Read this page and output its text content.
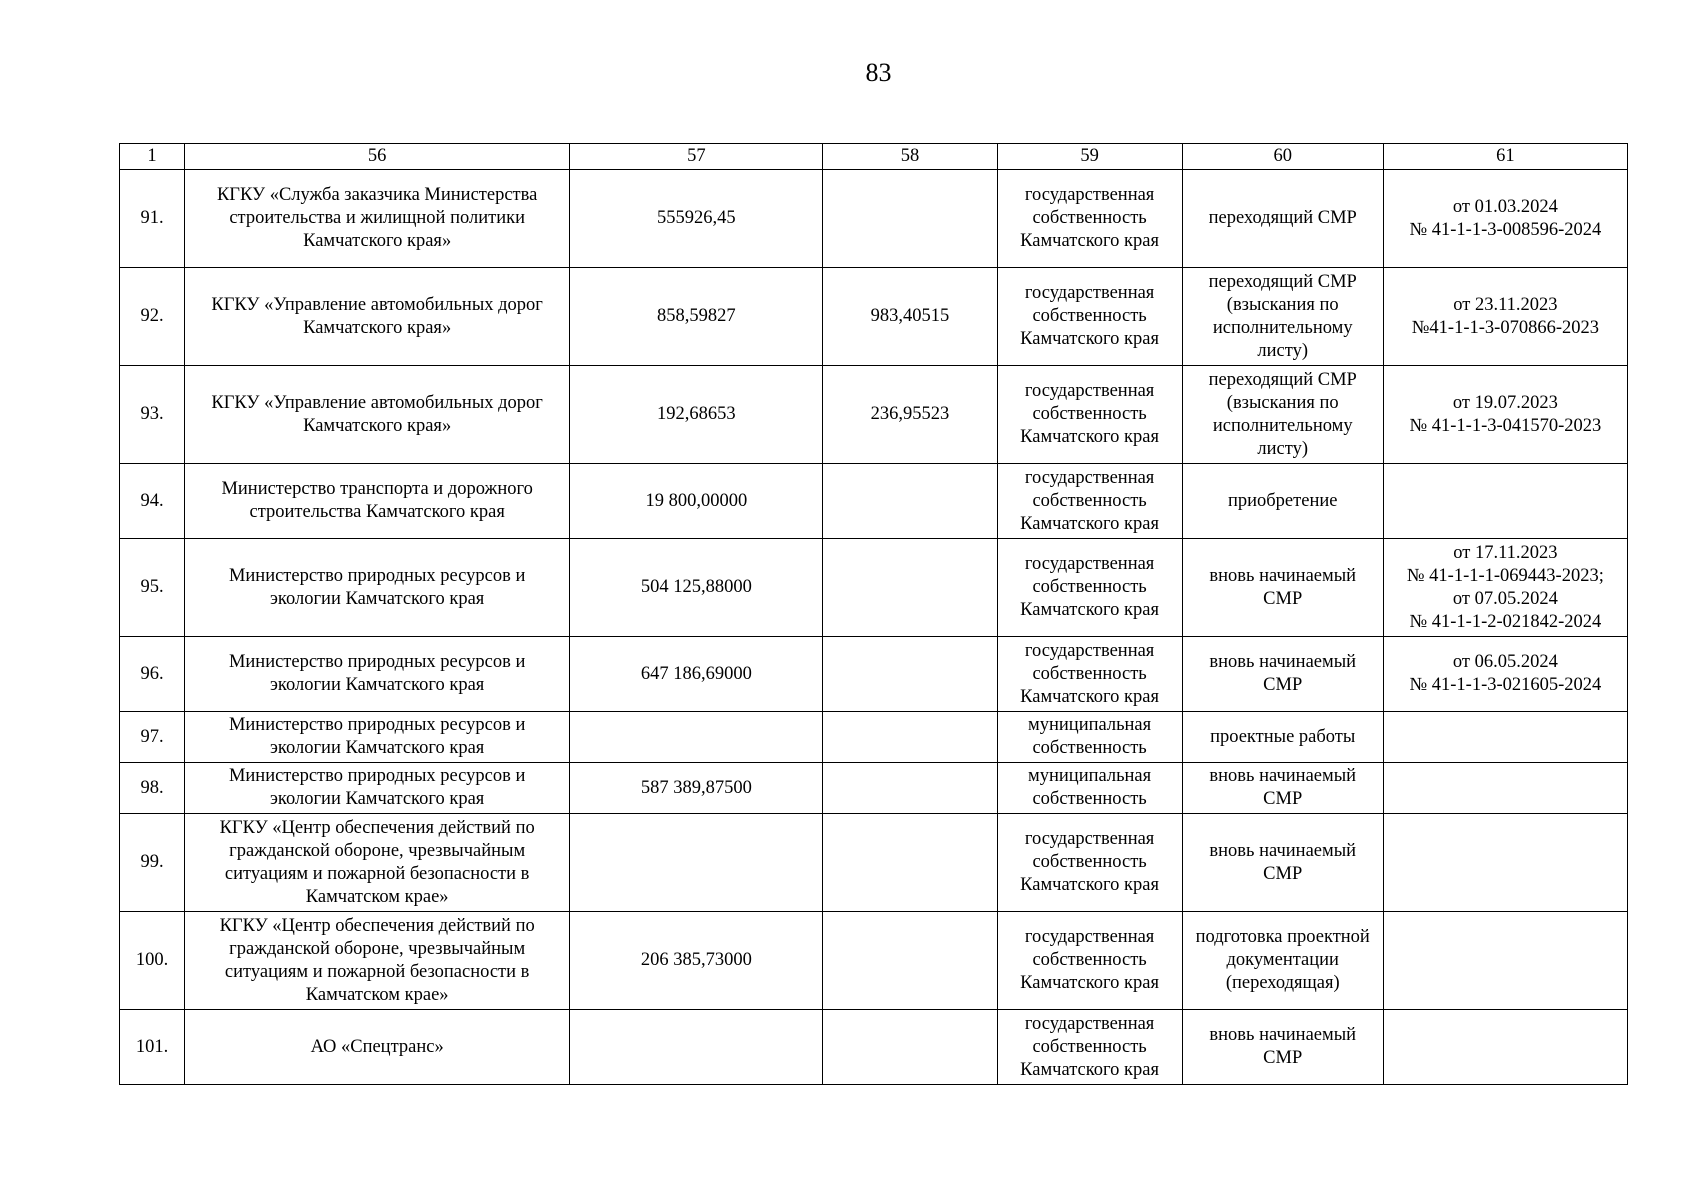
83
1	56	57	58	59	60	61
91.	КГКУ «Служба заказчика Министерства
строительства и жилищной политики
Камчатского края»	555926,45		государственная
собственность
Камчатского края	переходящий СМР	от 01.03.2024
№ 41-1-1-3-008596-2024
92.	КГКУ «Управление автомобильных дорог
Камчатского края»	858,59827	983,40515	государственная
собственность
Камчатского края	переходящий СМР
(взыскания по
исполнительному
листу)	от 23.11.2023
№41-1-1-3-070866-2023
93.	КГКУ «Управление автомобильных дорог
Камчатского края»	192,68653	236,95523	государственная
собственность
Камчатского края	переходящий СМР
(взыскания по
исполнительному
листу)	от 19.07.2023
№ 41-1-1-3-041570-2023
94.	Министерство транспорта и дорожного
строительства Камчатского края	19 800,00000		государственная
собственность
Камчатского края	приобретение	
95.	Министерство природных ресурсов и
экологии Камчатского края	504 125,88000		государственная
собственность
Камчатского края	вновь начинаемый
СМР	от 17.11.2023
№ 41-1-1-1-069443-2023;
от 07.05.2024
№ 41-1-1-2-021842-2024
96.	Министерство природных ресурсов и
экологии Камчатского края	647 186,69000		государственная
собственность
Камчатского края	вновь начинаемый
СМР	от 06.05.2024
№ 41-1-1-3-021605-2024
97.	Министерство природных ресурсов и
экологии Камчатского края			муниципальная
собственность	проектные работы	
98.	Министерство природных ресурсов и
экологии Камчатского края	587 389,87500		муниципальная
собственность	вновь начинаемый
СМР	
99.	КГКУ «Центр обеспечения действий по
гражданской обороне, чрезвычайным
ситуациям и пожарной безопасности в
Камчатском крае»			государственная
собственность
Камчатского края	вновь начинаемый
СМР	
100.	КГКУ «Центр обеспечения действий по
гражданской обороне, чрезвычайным
ситуациям и пожарной безопасности в
Камчатском крае»	206 385,73000		государственная
собственность
Камчатского края	подготовка проектной
документации
(переходящая)	
101.	АО «Спецтранс»			государственная
собственность
Камчатского края	вновь начинаемый
СМР	
